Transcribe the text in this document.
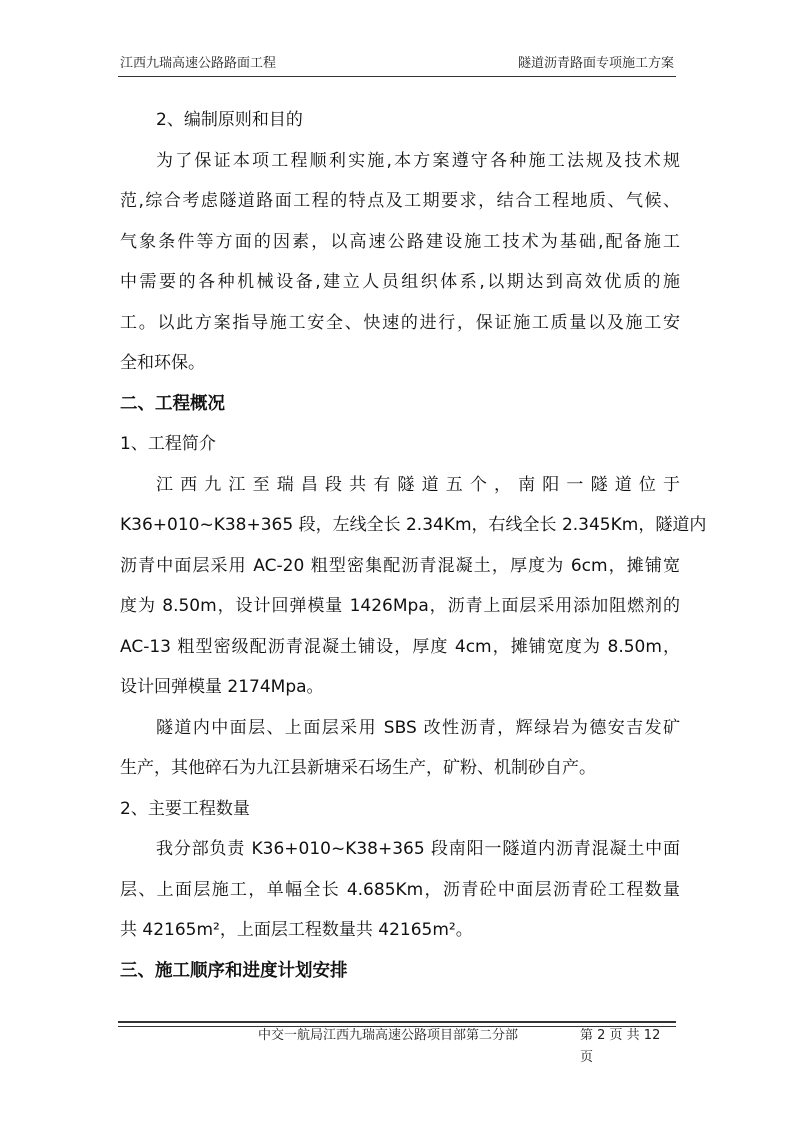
江西九瑞高速公路路面工程	隧道沥青路面专项施工方案
2、编制原则和目的
为了保证本项工程顺利实施,本方案遵守各种施工法规及技术规
范,综合考虑隧道路面工程的特点及工期要求，结合工程地质、气候、
气象条件等方面的因素，以高速公路建设施工技术为基础,配备施工
中需要的各种机械设备,建立人员组织体系,以期达到高效优质的施
工。以此方案指导施工安全、快速的进行，保证施工质量以及施工安
全和环保。
二、工程概况
1、工程简介
江西九江至瑞昌段共有隧道五个，南阳一隧道位于
K36+010~K38+365 段，左线全长 2.34Km，右线全长 2.345Km，隧道内
沥青中面层采用 AC-20 粗型密集配沥青混凝土，厚度为 6cm，摊铺宽
度为 8.50m，设计回弹模量 1426Mpa，沥青上面层采用添加阻燃剂的
AC-13 粗型密级配沥青混凝土铺设，厚度 4cm，摊铺宽度为 8.50m，
设计回弹模量 2174Mpa。
隧道内中面层、上面层采用 SBS 改性沥青，辉绿岩为德安吉发矿
生产，其他碎石为九江县新塘采石场生产，矿粉、机制砂自产。
2、主要工程数量
我分部负责 K36+010~K38+365 段南阳一隧道内沥青混凝土中面
层、上面层施工，单幅全长 4.685Km，沥青砼中面层沥青砼工程数量
共 42165m²，上面层工程数量共 42165m²。
三、施工顺序和进度计划安排
中交一航局江西九瑞高速公路项目部第二分部	第 2 页 共 12 页
